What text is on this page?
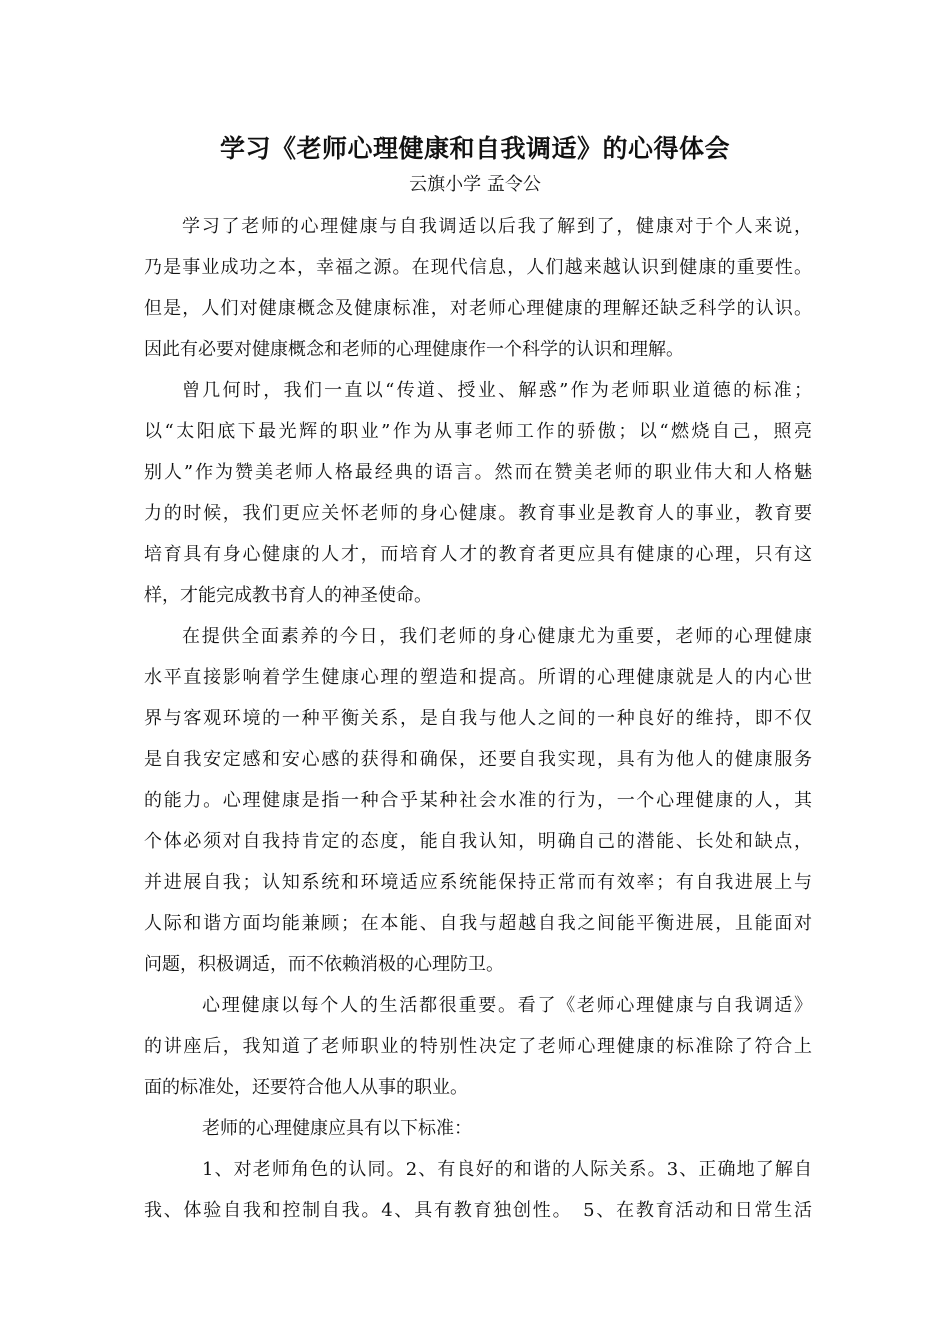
学习《老师心理健康和自我调适》的心得体会
云旗小学 孟令公

学习了老师的心理健康与自我调适以后我了解到了，健康对于个人来说，
乃是事业成功之本，幸福之源。在现代信息，人们越来越认识到健康的重要性。
但是，人们对健康概念及健康标准，对老师心理健康的理解还缺乏科学的认识。
因此有必要对健康概念和老师的心理健康作一个科学的认识和理解。

曾几何时，我们一直以“传道、授业、解惑”作为老师职业道德的标准；
以“太阳底下最光辉的职业”作为从事老师工作的骄傲；以“燃烧自己，照亮
别人”作为赞美老师人格最经典的语言。然而在赞美老师的职业伟大和人格魅
力的时候，我们更应关怀老师的身心健康。教育事业是教育人的事业，教育要
培育具有身心健康的人才，而培育人才的教育者更应具有健康的心理，只有这
样，才能完成教书育人的神圣使命。

在提供全面素养的今日，我们老师的身心健康尤为重要，老师的心理健康
水平直接影响着学生健康心理的塑造和提高。所谓的心理健康就是人的内心世
界与客观环境的一种平衡关系，是自我与他人之间的一种良好的维持，即不仅
是自我安定感和安心感的获得和确保，还要自我实现，具有为他人的健康服务
的能力。心理健康是指一种合乎某种社会水准的行为，一个心理健康的人，其
个体必须对自我持肯定的态度，能自我认知，明确自己的潜能、长处和缺点，
并进展自我；认知系统和环境适应系统能保持正常而有效率；有自我进展上与
人际和谐方面均能兼顾；在本能、自我与超越自我之间能平衡进展，且能面对
问题，积极调适，而不依赖消极的心理防卫。

心理健康以每个人的生活都很重要。看了《老师心理健康与自我调适》
的讲座后，我知道了老师职业的特别性决定了老师心理健康的标准除了符合上
面的标准处，还要符合他人从事的职业。

老师的心理健康应具有以下标准：

1、对老师角色的认同。2、有良好的和谐的人际关系。3、正确地了解自
我、体验自我和控制自我。4、具有教育独创性。　5、在教育活动和日常生活
